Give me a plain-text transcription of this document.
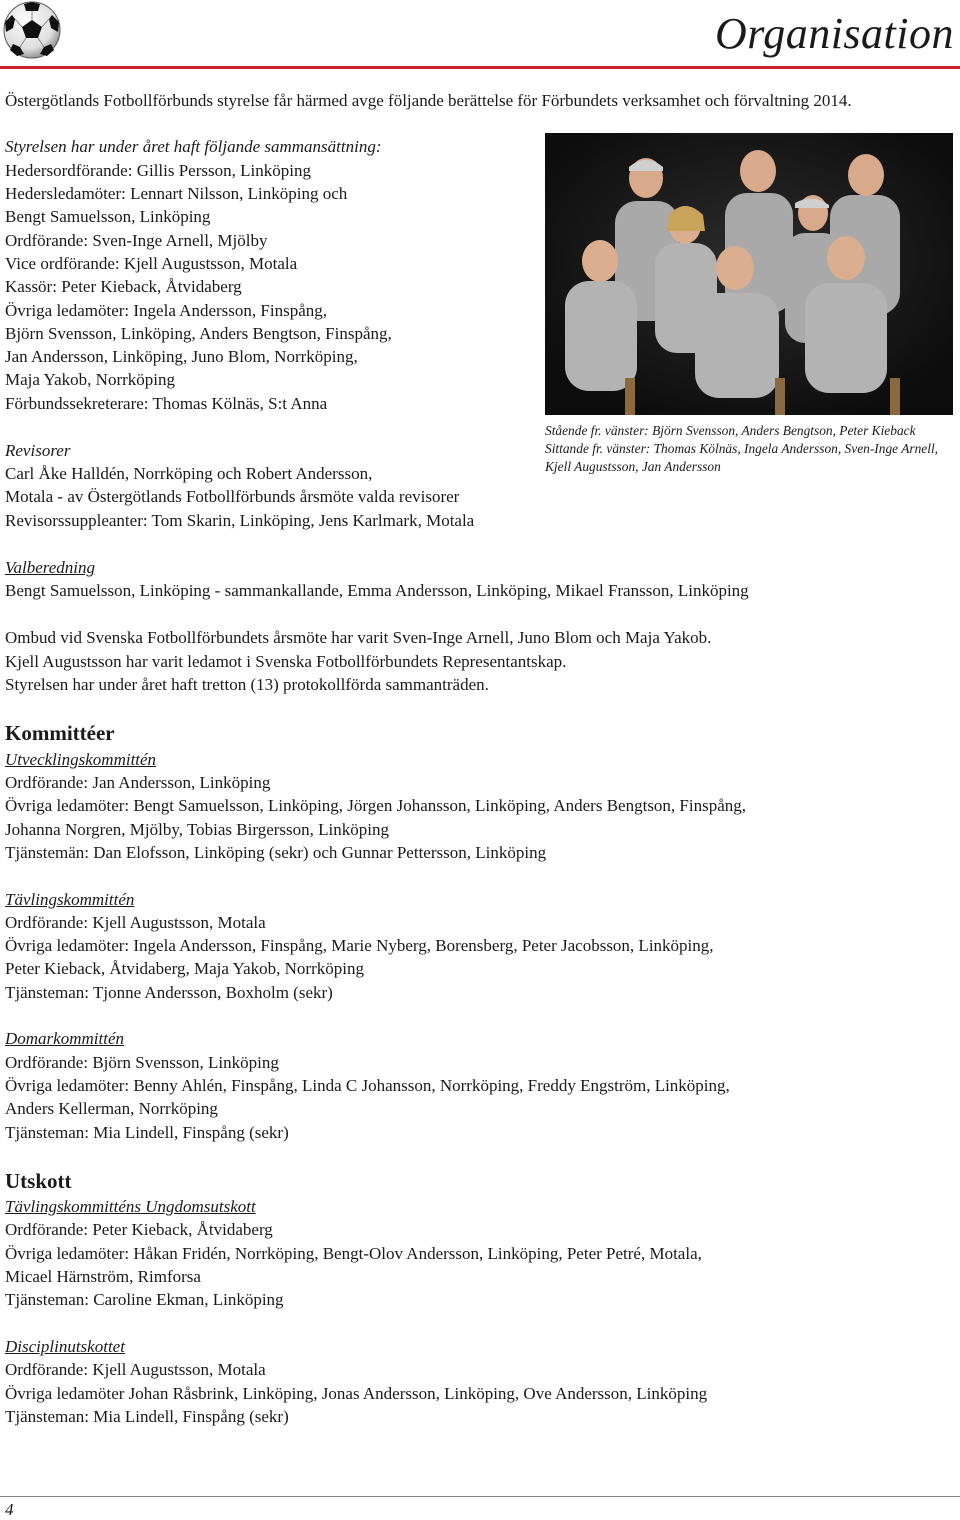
Organisation
Östergötlands Fotbollförbunds styrelse får härmed avge följande berättelse för Förbundets verksamhet och förvaltning 2014.
Styrelsen har under året haft följande sammansättning:
Hedersordförande: Gillis Persson, Linköping
Hedersledamöter: Lennart Nilsson, Linköping och
Bengt Samuelsson, Linköping
Ordförande: Sven-Inge Arnell, Mjölby
Vice ordförande: Kjell Augustsson, Motala
Kassör: Peter Kieback, Åtvidaberg
Övriga ledamöter: Ingela Andersson, Finspång,
Björn Svensson, Linköping, Anders Bengtson, Finspång,
Jan Andersson, Linköping, Juno Blom, Norrköping,
Maja Yakob, Norrköping
Förbundssekreterare: Thomas Kölnäs, S:t Anna
Revisorer
Carl Åke Halldén, Norrköping och Robert Andersson,
Motala - av Östergötlands Fotbollförbunds årsmöte valda revisorer
Revisorssuppleanter: Tom Skarin, Linköping, Jens Karlmark, Motala
Stående fr. vänster: Björn Svensson, Anders Bengtson, Peter Kieback
Sittande fr. vänster: Thomas Kölnäs, Ingela Andersson, Sven-Inge Arnell,
Kjell Augustsson, Jan Andersson
Valberedning
Bengt Samuelsson, Linköping - sammankallande, Emma Andersson, Linköping, Mikael Fransson, Linköping
Ombud vid Svenska Fotbollförbundets årsmöte har varit Sven-Inge Arnell, Juno Blom och Maja Yakob.
Kjell Augustsson har varit ledamot i Svenska Fotbollförbundets Representantskap.
Styrelsen har under året haft tretton (13) protokollförda sammanträden.
Kommittéer
Utvecklingskommittén
Ordförande: Jan Andersson, Linköping
Övriga ledamöter: Bengt Samuelsson, Linköping, Jörgen Johansson, Linköping, Anders Bengtson, Finspång,
Johanna Norgren, Mjölby, Tobias Birgersson, Linköping
Tjänstemän: Dan Elofsson, Linköping (sekr) och Gunnar Pettersson, Linköping
Tävlingskommittén
Ordförande: Kjell Augustsson, Motala
Övriga ledamöter: Ingela Andersson, Finspång, Marie Nyberg, Borensberg, Peter Jacobsson, Linköping,
Peter Kieback, Åtvidaberg, Maja Yakob, Norrköping
Tjänsteman: Tjonne Andersson, Boxholm (sekr)
Domarkommittén
Ordförande: Björn Svensson, Linköping
Övriga ledamöter: Benny Ahlén, Finspång, Linda C Johansson, Norrköping, Freddy Engström, Linköping,
Anders Kellerman, Norrköping
Tjänsteman: Mia Lindell, Finspång (sekr)
Utskott
Tävlingskommitténs Ungdomsutskott
Ordförande: Peter Kieback, Åtvidaberg
Övriga ledamöter: Håkan Fridén, Norrköping, Bengt-Olov Andersson, Linköping, Peter Petré, Motala,
Micael Härnström, Rimforsa
Tjänsteman: Caroline Ekman, Linköping
Disciplinutskottet
Ordförande: Kjell Augustsson, Motala
Övriga ledamöter Johan Råsbrink, Linköping, Jonas Andersson, Linköping, Ove Andersson, Linköping
Tjänsteman: Mia Lindell, Finspång (sekr)
4
